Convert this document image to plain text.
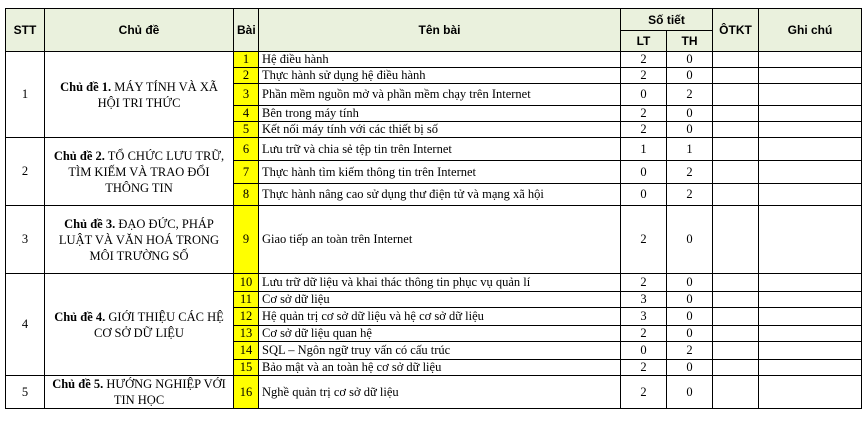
STT	Chủ đề	Bài	Tên bài	Số tiết		ÔTKT	Ghi chú
				LT	TH		
1	Chủ đề 1. MÁY TÍNH VÀ XÃ HỘI TRI THỨC	1	Hệ điều hành	2	0		
		2	Thực hành sử dụng hệ điều hành	2	0		
		3	Phần mềm nguồn mở và phần mềm chạy trên Internet	0	2		
		4	Bên trong máy tính	2	0		
		5	Kết nối máy tính với các thiết bị số	2	0		
2	Chủ đề 2. TỔ CHỨC LƯU TRỮ, TÌM KIẾM VÀ TRAO ĐỔI THÔNG TIN	6	Lưu trữ và chia sẻ tệp tin trên Internet	1	1		
		7	Thực hành tìm kiếm thông tin trên Internet	0	2		
		8	Thực hành nâng cao sử dụng thư điện tử và mạng xã hội	0	2		
3	Chủ đề 3. ĐẠO ĐỨC, PHÁP LUẬT VÀ VĂN HOÁ TRONG MÔI TRƯỜNG SỐ	9	Giao tiếp an toàn trên Internet	2	0		
4	Chủ đề 4. GIỚI THIỆU CÁC HỆ CƠ SỞ DỮ LIỆU	10	Lưu trữ dữ liệu và khai thác thông tin phục vụ quản lí	2	0		
		11	Cơ sở dữ liệu	3	0		
		12	Hệ quản trị cơ sở dữ liệu và hệ cơ sở dữ liệu	3	0		
		13	Cơ sở dữ liệu quan hệ	2	0		
		14	SQL – Ngôn ngữ truy vấn có cấu trúc	0	2		
		15	Bảo mật và an toàn hệ cơ sở dữ liệu	2	0		
5	Chủ đề 5. HƯỚNG NGHIỆP VỚI TIN HỌC	16	Nghề quản trị cơ sở dữ liệu	2	0		
